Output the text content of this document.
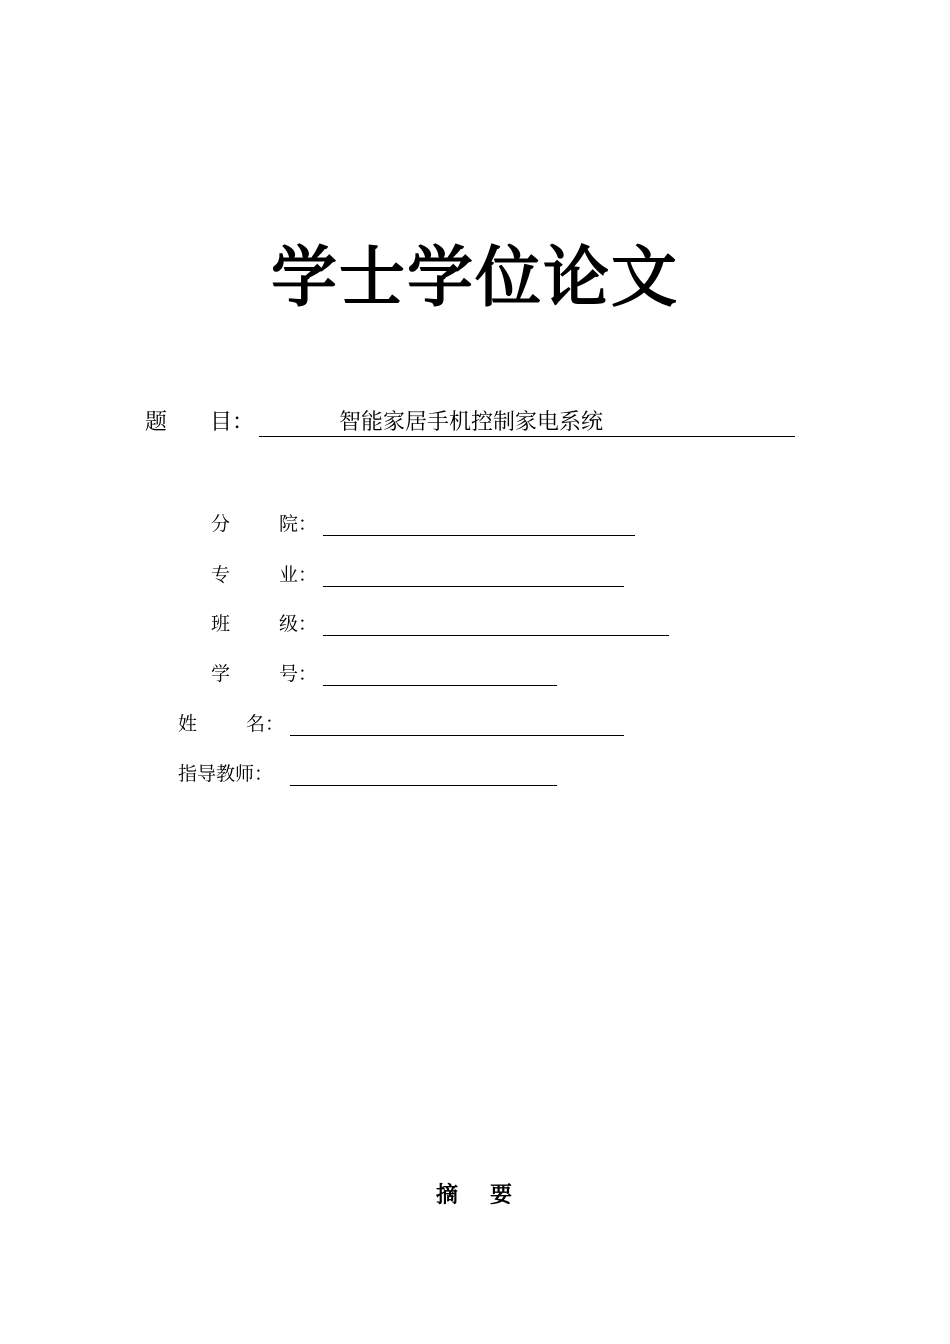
学士学位论文
题 目：	智能家居手机控制家电系统
分	院：
专	业：
班	级：
学	号：
姓	名：
指导教师：
摘 要
